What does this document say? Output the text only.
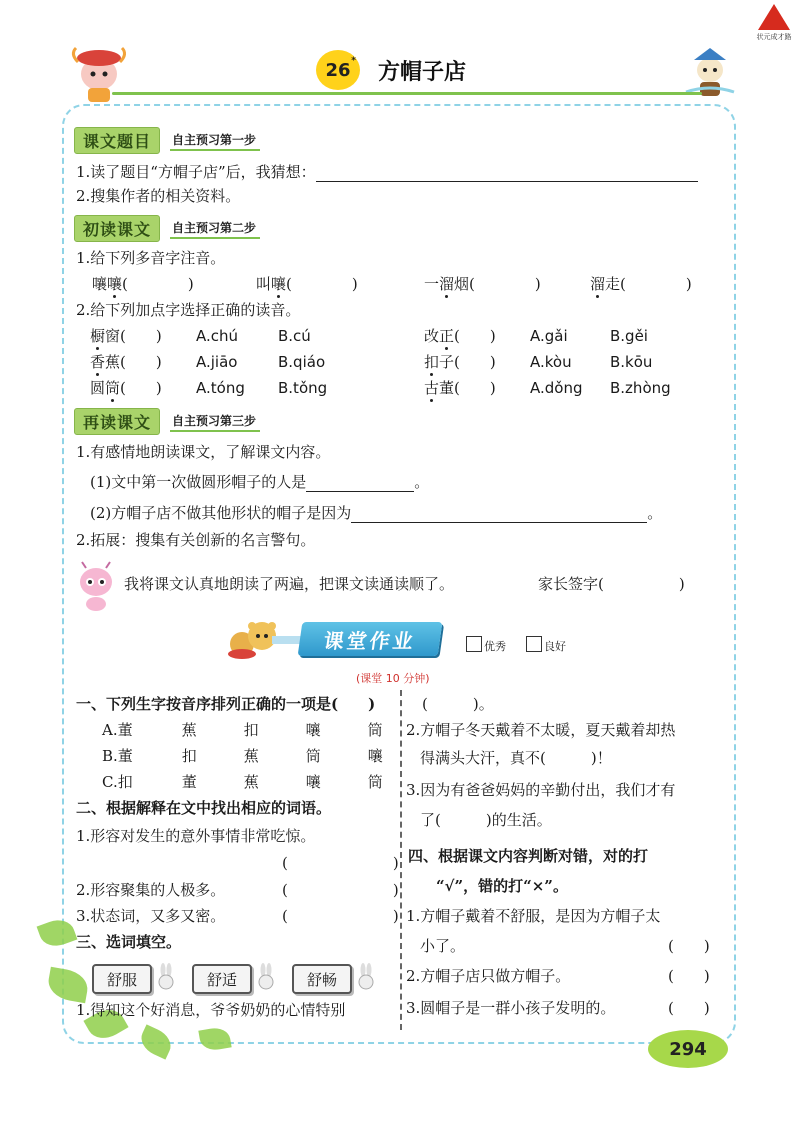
状元成才路
26* 方帽子店
课文题目	自主预习第一步
1.读了题目“方帽子店”后，我猜想：
2.搜集作者的相关资料。
初读课文	自主预习第二步
1.给下列多音字注音。
嚷嚷(　　　　)	叫嚷(　　　　)	一溜烟(　　　　)	溜走(　　　　)
2.给下列加点字选择正确的读音。
橱窗(　　) A.chú	B.cú	改正(　　) A.gǎi	B.gěi
香蕉(　　) A.jiāo	B.qiáo	扣子(　　) A.kòu	B.kōu
圆筒(　　) A.tóng B.tǒng	古董(　　) A.dǒng B.zhòng
再读课文	自主预习第三步
1.有感情地朗读课文，了解课文内容。
(1)文中第一次做圆形帽子的人是	。
(2)方帽子店不做其他形状的帽子是因为	。
2.拓展：搜集有关创新的名言警句。
我将课文认真地朗读了两遍，把课文读通读顺了。	家长签字(　　　　　)
课堂作业	优秀	良好
(课堂 10 分钟)
一、下列生字按音序排列正确的一项是(　　)
A.董	蕉	扣	嚷	筒
B.董	扣	蕉	筒	嚷
C.扣	董	蕉	嚷	筒
二、根据解释在文中找出相应的词语。
1.形容对发生的意外事情非常吃惊。
(　　　　　　　)
2.形容聚集的人极多。	(　　　　　　　)
3.状态词，又多又密。	(　　　　　　　)
三、选词填空。
舒服	舒适	舒畅
1.得知这个好消息，爷爷奶奶的心情特别
(　　　)。
2.方帽子冬天戴着不太暖，夏天戴着却热
得满头大汗，真不(　　　)！
3.因为有爸爸妈妈的辛勤付出，我们才有
了(　　　)的生活。
四、根据课文内容判断对错，对的打
“√”，错的打“×”。
1.方帽子戴着不舒服，是因为方帽子太
小了。	(　　)
2.方帽子店只做方帽子。	(　　)
3.圆帽子是一群小孩子发明的。	(　　)
294
